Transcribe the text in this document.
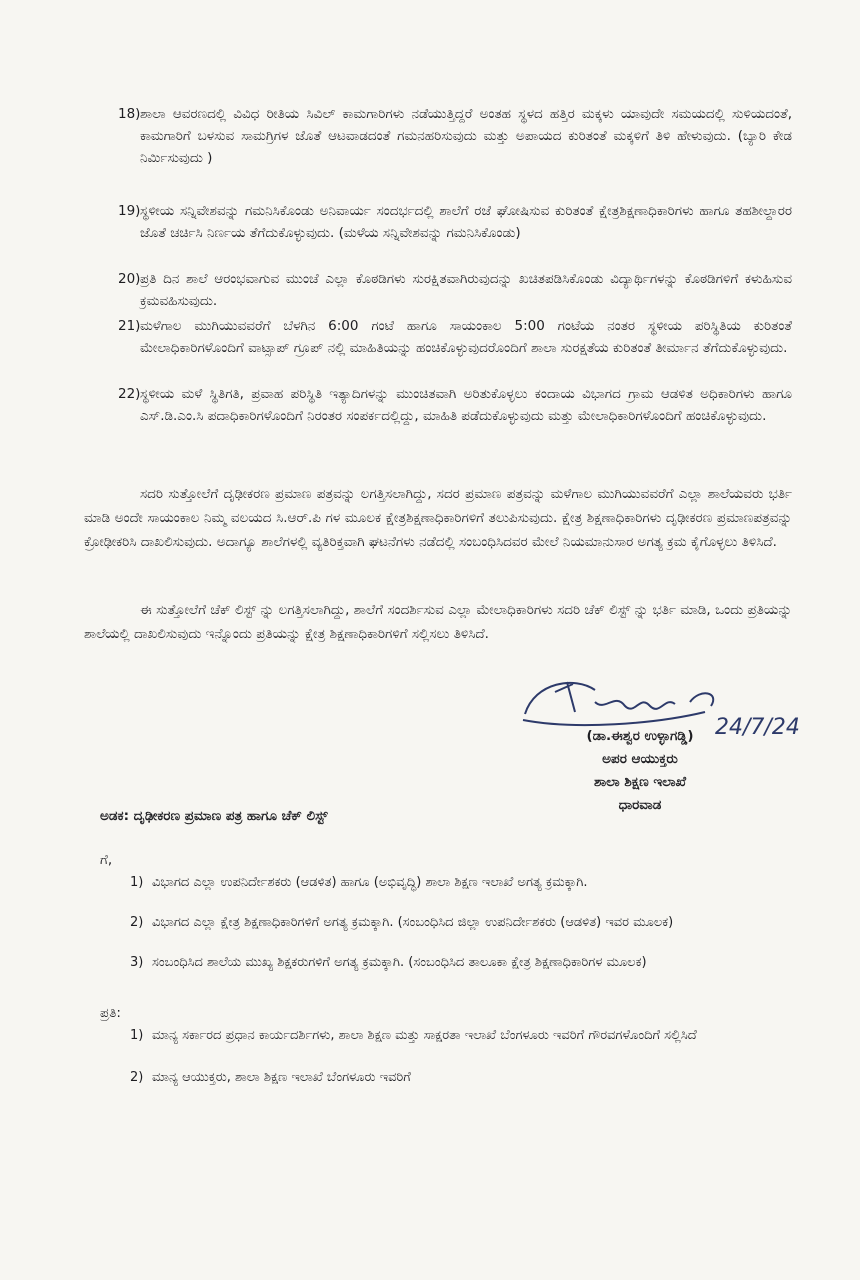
18) ಶಾಲಾ ಆವರಣದಲ್ಲಿ ವಿವಿಧ ರೀತಿಯ ಸಿವಿಲ್ ಕಾಮಗಾರಿಗಳು ನಡೆಯುತ್ತಿದ್ದರೆ ಅಂತಹ ಸ್ಥಳದ ಹತ್ತಿರ ಮಕ್ಕಳು ಯಾವುದೇ ಸಮಯದಲ್ಲಿ ಸುಳಿಯದಂತೆ, ಕಾಮಗಾರಿಗೆ ಬಳಸುವ ಸಾಮಗ್ರಿಗಳ ಜೊತೆ ಆಟವಾಡದಂತೆ ಗಮನಹರಿಸುವುದು ಮತ್ತು ಅಪಾಯದ ಕುರಿತಂತೆ ಮಕ್ಕಳಿಗೆ ತಿಳಿ ಹೇಳುವುದು. (ಬ್ಯಾರಿ ಕೇಡ ನಿರ್ಮಿಸುವುದು )
19) ಸ್ಥಳೀಯ ಸನ್ನಿವೇಶವನ್ನು ಗಮನಿಸಿಕೊಂಡು ಅನಿವಾರ್ಯ ಸಂದರ್ಭದಲ್ಲಿ ಶಾಲೆಗೆ ರಜೆ ಘೋಷಿಸುವ ಕುರಿತಂತೆ ಕ್ಷೇತ್ರಶಿಕ್ಷಣಾಧಿಕಾರಿಗಳು ಹಾಗೂ ತಹಶೀಲ್ದಾರರ ಜೊತೆ ಚರ್ಚಿಸಿ ನಿರ್ಣಯ ತೆಗೆದುಕೊಳ್ಳುವುದು. (ಮಳೆಯ ಸನ್ನಿವೇಶವನ್ನು ಗಮನಿಸಿಕೊಂಡು)
20) ಪ್ರತಿ ದಿನ ಶಾಲೆ ಆರಂಭವಾಗುವ ಮುಂಚೆ ಎಲ್ಲಾ ಕೊಠಡಿಗಳು ಸುರಕ್ಷಿತವಾಗಿರುವುದನ್ನು ಖಚಿತಪಡಿಸಿಕೊಂಡು ವಿದ್ಯಾರ್ಥಿಗಳನ್ನು ಕೊಠಡಿಗಳಿಗೆ ಕಳುಹಿಸುವ ಕ್ರಮವಹಿಸುವುದು.
21) ಮಳೆಗಾಲ ಮುಗಿಯುವವರೆಗೆ ಬೆಳಗಿನ 6:00 ಗಂಟೆ ಹಾಗೂ ಸಾಯಂಕಾಲ 5:00 ಗಂಟೆಯ ನಂತರ ಸ್ಥಳೀಯ ಪರಿಸ್ಥಿತಿಯ ಕುರಿತಂತೆ ಮೇಲಾಧಿಕಾರಿಗಳೊಂದಿಗೆ ವಾಟ್ಸಾಪ್ ಗ್ರೂಪ್ ನಲ್ಲಿ ಮಾಹಿತಿಯನ್ನು ಹಂಚಿಕೊಳ್ಳುವುದರೊಂದಿಗೆ ಶಾಲಾ ಸುರಕ್ಷತೆಯ ಕುರಿತಂತೆ ತೀರ್ಮಾನ ತೆಗೆದುಕೊಳ್ಳುವುದು.
22) ಸ್ಥಳೀಯ ಮಳೆ ಸ್ಥಿತಿಗತಿ, ಪ್ರವಾಹ ಪರಿಸ್ಥಿತಿ ಇತ್ಯಾದಿಗಳನ್ನು ಮುಂಚಿತವಾಗಿ ಅರಿತುಕೊಳ್ಳಲು ಕಂದಾಯ ವಿಭಾಗದ ಗ್ರಾಮ ಆಡಳಿತ ಅಧಿಕಾರಿಗಳು ಹಾಗೂ ಎಸ್.ಡಿ.ಎಂ.ಸಿ ಪದಾಧಿಕಾರಿಗಳೊಂದಿಗೆ ನಿರಂತರ ಸಂಪರ್ಕದಲ್ಲಿದ್ದು, ಮಾಹಿತಿ ಪಡೆದುಕೊಳ್ಳುವುದು ಮತ್ತು ಮೇಲಾಧಿಕಾರಿಗಳೊಂದಿಗೆ ಹಂಚಿಕೊಳ್ಳುವುದು.

ಸದರಿ ಸುತ್ತೋಲೆಗೆ ದೃಢೀಕರಣ ಪ್ರಮಾಣ ಪತ್ರವನ್ನು ಲಗತ್ತಿಸಲಾಗಿದ್ದು, ಸದರ ಪ್ರಮಾಣ ಪತ್ರವನ್ನು ಮಳೆಗಾಲ ಮುಗಿಯುವವರೆಗೆ ಎಲ್ಲಾ ಶಾಲೆಯವರು ಭರ್ತಿ ಮಾಡಿ ಅಂದೇ ಸಾಯಂಕಾಲ ನಿಮ್ಮ ವಲಯದ ಸಿ.ಆರ್.ಪಿ ಗಳ ಮೂಲಕ ಕ್ಷೇತ್ರಶಿಕ್ಷಣಾಧಿಕಾರಿಗಳಿಗೆ ತಲುಪಿಸುವುದು. ಕ್ಷೇತ್ರ ಶಿಕ್ಷಣಾಧಿಕಾರಿಗಳು ದೃಢೀಕರಣ ಪ್ರಮಾಣಪತ್ರವನ್ನು ಕ್ರೋಢೀಕರಿಸಿ ದಾಖಲಿಸುವುದು. ಅದಾಗ್ಯೂ ಶಾಲೆಗಳಲ್ಲಿ ವ್ಯತಿರಿಕ್ತವಾಗಿ ಘಟನೆಗಳು ನಡೆದಲ್ಲಿ ಸಂಬಂಧಿಸಿದವರ ಮೇಲೆ ನಿಯಮಾನುಸಾರ ಅಗತ್ಯ ಕ್ರಮ ಕೈಗೊಳ್ಳಲು ತಿಳಿಸಿದೆ.

ಈ ಸುತ್ತೋಲೆಗೆ ಚೆಕ್ ಲಿಸ್ಟ್ ನ್ನು ಲಗತ್ತಿಸಲಾಗಿದ್ದು, ಶಾಲೆಗೆ ಸಂದರ್ಶಿಸುವ ಎಲ್ಲಾ ಮೇಲಾಧಿಕಾರಿಗಳು ಸದರಿ ಚೆಕ್ ಲಿಸ್ಟ್ ನ್ನು ಭರ್ತಿ ಮಾಡಿ, ಒಂದು ಪ್ರತಿಯನ್ನು ಶಾಲೆಯಲ್ಲಿ ದಾಖಲಿಸುವುದು ಇನ್ನೊಂದು ಪ್ರತಿಯನ್ನು ಕ್ಷೇತ್ರ ಶಿಕ್ಷಣಾಧಿಕಾರಿಗಳಿಗೆ ಸಲ್ಲಿಸಲು ತಿಳಿಸಿದೆ.

24/7/24
(ಡಾ.ಈಶ್ವರ ಉಳ್ಳಾಗಡ್ಡಿ)
ಅಪರ ಆಯುಕ್ತರು
ಶಾಲಾ ಶಿಕ್ಷಣ ಇಲಾಖೆ
ಧಾರವಾಡ
ಅಡಕ: ದೃಢೀಕರಣ ಪ್ರಮಾಣ ಪತ್ರ ಹಾಗೂ ಚೆಕ್ ಲಿಸ್ಟ್
ಗೆ,
1) ವಿಭಾಗದ ಎಲ್ಲಾ ಉಪನಿರ್ದೇಶಕರು (ಆಡಳಿತ) ಹಾಗೂ (ಅಭಿವೃದ್ಧಿ) ಶಾಲಾ ಶಿಕ್ಷಣ ಇಲಾಖೆ ಅಗತ್ಯ ಕ್ರಮಕ್ಕಾಗಿ.
2) ವಿಭಾಗದ ಎಲ್ಲಾ ಕ್ಷೇತ್ರ ಶಿಕ್ಷಣಾಧಿಕಾರಿಗಳಿಗೆ ಅಗತ್ಯ ಕ್ರಮಕ್ಕಾಗಿ. (ಸಂಬಂಧಿಸಿದ ಜಿಲ್ಲಾ ಉಪನಿರ್ದೇಶಕರು (ಆಡಳಿತ) ಇವರ ಮೂಲಕ)
3) ಸಂಬಂಧಿಸಿದ ಶಾಲೆಯ ಮುಖ್ಯ ಶಿಕ್ಷಕರುಗಳಿಗೆ ಅಗತ್ಯ ಕ್ರಮಕ್ಕಾಗಿ. (ಸಂಬಂಧಿಸಿದ ತಾಲೂಕಾ ಕ್ಷೇತ್ರ ಶಿಕ್ಷಣಾಧಿಕಾರಿಗಳ ಮೂಲಕ)
ಪ್ರತಿ:
1) ಮಾನ್ಯ ಸರ್ಕಾರದ ಪ್ರಧಾನ ಕಾರ್ಯದರ್ಶಿಗಳು, ಶಾಲಾ ಶಿಕ್ಷಣ ಮತ್ತು ಸಾಕ್ಷರತಾ ಇಲಾಖೆ ಬೆಂಗಳೂರು ಇವರಿಗೆ ಗೌರವಗಳೊಂದಿಗೆ ಸಲ್ಲಿಸಿದೆ
2) ಮಾನ್ಯ ಆಯುಕ್ತರು, ಶಾಲಾ ಶಿಕ್ಷಣ ಇಲಾಖೆ ಬೆಂಗಳೂರು ಇವರಿಗೆ
